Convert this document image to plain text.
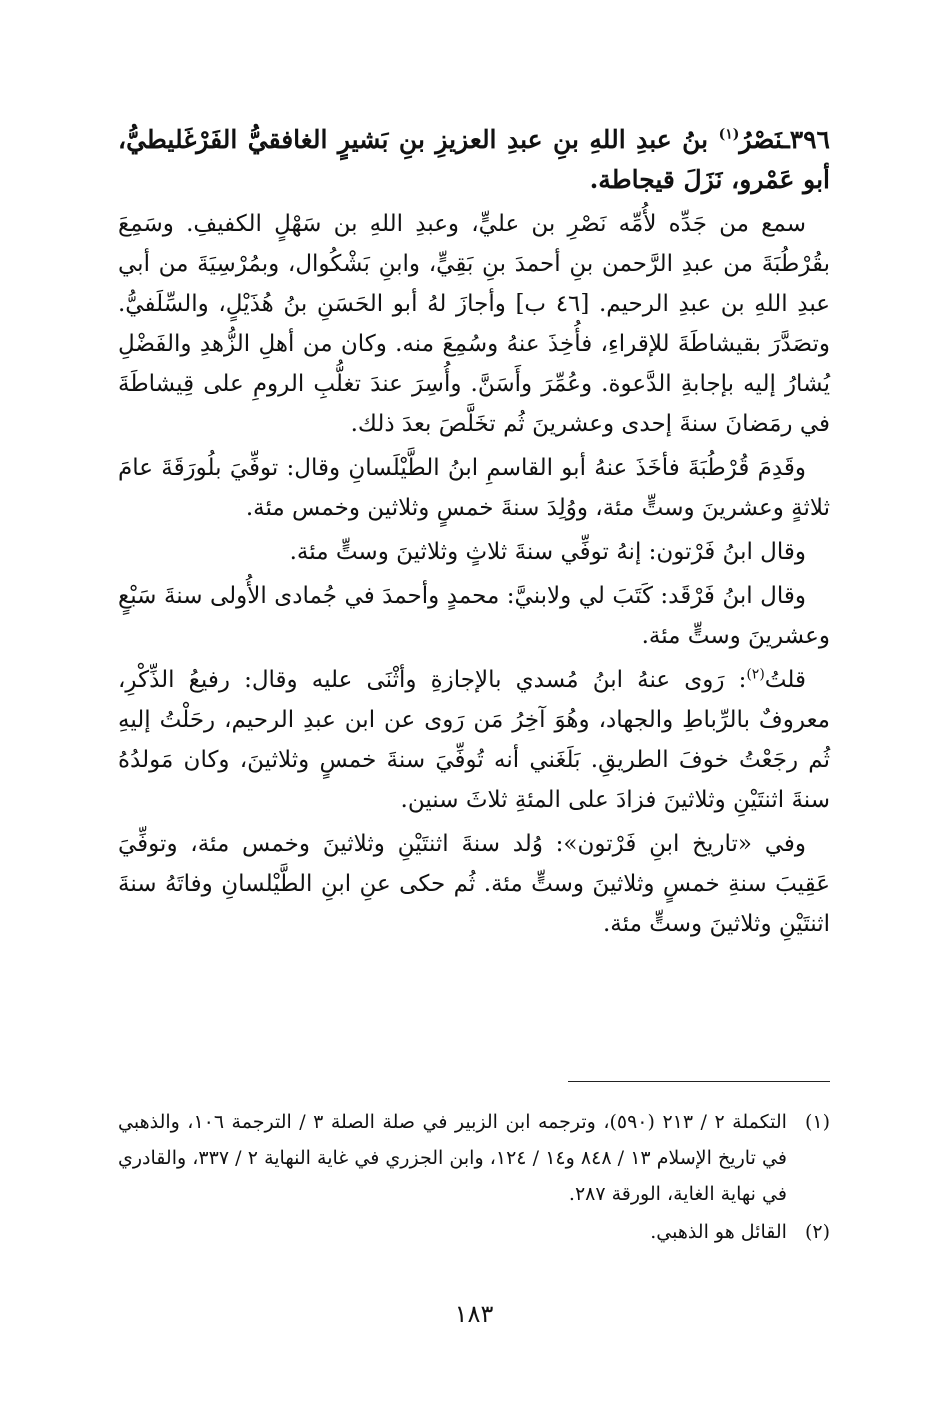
٣٩٦ـنَصْرُ$^{(١)}$ بنُ عبدِ اللهِ بنِ عبدِ العزيزِ بنِ بَشيرٍ الغافقيُّ الفَرْغَليطيُّ، أبو عَمْرو، نَزَلَ قيجاطة.

سمع من جَدِّه لأُمِّه نَصْرِ بن عليٍّ، وعبدِ اللهِ بن سَهْلٍ الكفيفِ. وسَمِعَ بقُرْطُبَةَ من عبدِ الرَّحمن بنِ أحمدَ بنِ بَقِيٍّ، وابنِ بَشْكُوال، وبمُرْسِيَةَ من أبي عبدِ اللهِ بن عبدِ الرحيم. [٤٦ ب] وأجازَ لهُ أبو الحَسَنِ بنُ هُذَيْلٍ، والسِّلَفيُّ. وتصَدَّرَ بقيشاطَةَ للإقراءِ، فأُخِذَ عنهُ وسُمِعَ منه. وكان من أهلِ الزُّهدِ والفَضْلِ يُشارُ إليه بإجابةِ الدَّعوة. وعُمِّرَ وأَسَنَّ. وأُسِرَ عندَ تغلُّبِ الرومِ على قِيشاطَةَ في رمَضانَ سنةَ إحدى وعشرينَ ثُم تخَلَّصَ بعدَ ذلك.

وقَدِمَ قُرْطُبَةَ فأخَذَ عنهُ أبو القاسمِ ابنُ الطَّيْلَسانِ وقال: توفِّيَ بلُورَقَةَ عامَ ثلاثةٍ وعشرينَ وستٍّ مئة، ووُلِدَ سنةَ خمسٍ وثلاثين وخمس مئة.

وقال ابنُ فَرْتون: إنهُ توفِّي سنةَ ثلاثٍ وثلاثينَ وستٍّ مئة.

وقال ابنُ فَرْقَد: كَتَبَ لي ولابنيَّ: محمدٍ وأحمدَ في جُمادى الأُولى سنةَ سَبْعٍ وعشرينَ وستٍّ مئة.

قلتُ$^{(٢)}$: رَوى عنهُ ابنُ مُسدي بالإجازةِ وأثْنَى عليه وقال: رفيعُ الذِّكْرِ، معروفٌ بالرِّباطِ والجهاد، وهُوَ آخِرُ مَن رَوى عن ابن عبدِ الرحيم، رحَلْتُ إليهِ ثُم رجَعْتُ خوفَ الطريقِ. بَلَغَني أنه تُوفِّيَ سنةَ خمسٍ وثلاثينَ، وكان مَولدُهُ سنةَ اثنتَيْنِ وثلاثينَ فزادَ على المئةِ ثلاثَ سنين.

وفي «تاريخ ابنِ فَرْتون»: وُلد سنةَ اثنتَيْنِ وثلاثينَ وخمس مئة، وتوفِّيَ عَقِيبَ سنةِ خمسٍ وثلاثينَ وستٍّ مئة. ثُم حكى عنِ ابنِ الطَّيْلسانِ وفاتَهُ سنةَ اثنتَيْنِ وثلاثينَ وستٍّ مئة.

(١)
التكملة ٢ / ٢١٣ (٥٩٠)، وترجمه ابن الزبير في صلة الصلة ٣ / الترجمة ١٠٦، والذهبي في تاريخ الإسلام ١٣ / ٨٤٨ و١٤ / ١٢٤، وابن الجزري في غاية النهاية ٢ / ٣٣٧، والقادري في نهاية الغاية، الورقة ٢٨٧.
(٢)
القائل هو الذهبي.
١٨٣
